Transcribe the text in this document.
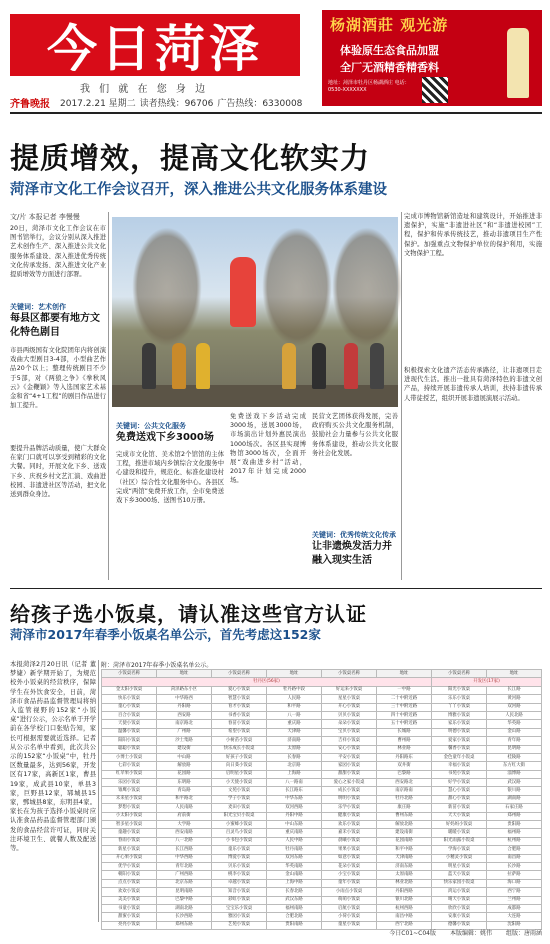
今日菏泽
我 们 就 在 您 身 边
齐鲁晚报 2017.2.21 星期二 读者热线：96706 广告热线：6330008
杨湖酒莊 观光游
体验原生态食品加盟
全厂无酒精香精香料
地址：菏泽市牡丹区杨湖酒庄 电话：0530-XXXXXXX
提质增效，提高文化软实力
菏泽市文化工作会议召开，深入推进公共文化服务体系建设
文/片 本报记者 李慢慢
20日，菏泽市文化工作会议在市图书馆举行，会议分别从深入推进艺术创作生产、深入推进公共文化服务体系建设、深入推进优秀传统文化传承发扬、深入推进文化产业提质增效等方面进行部署。
关键词：艺术创作
每县区都要有地方文化特色剧目
市县两级国有文化院团年内将创演戏曲大型剧目3-4部，小型曲艺作品20个以上；整理传统剧目不少于5部，对《两狼之争》《拳秋风云》《金鞭颖》等入选国家艺术基金和省“4+1工程”的剧目作品进行加工提升。
要提升品牌活动质量，使广大群众在家门口就可以享受到精彩的文化大餐。同时，开展文化下乡、送戏下乡、庆祝乡村文艺汇演、戏曲进校园、非遗进社区等活动，把文化送到群众身边。
关键词：公共文化服务
免费送戏下乡3000场
完成市文化馆、美术馆2个馆馆的主体工程，推进市域内乡镇综合文化服务中心建设和提升，规范化、标准化建设村（社区）综合性文化服务中心。各县区完成“两馆”免费开放工作，全市免费送戏下乡3000场、送图书10万册。
免费送戏下乡活动完成3000场，送展3000场，市场演出计划外惠民演出1000场次。各区县实现博物馆3000场次，全面开展“戏曲进乡村”活动，2017年计划完成2000场。
民营文艺团体获得发展，完善政府购买公共文化服务机制，鼓励社会力量参与公共文化服务体系建设，推动公共文化服务社会化发展。
关键词：优秀传统文化传承
让非遗焕发活力并融入现实生活
完成市博物馆新馆造址和建筑设计，开始推进非遗保护，实施“非遗进社区”和“非遗进校园”工程，保护和传承传统技艺，推动非遗项目生产性保护。加强重点文物保护单位的保护利用，实施文物保护工程。
积极探索文化遗产活态传承路径，让非遗项目走进现代生活。推出一批具有菏泽特色的非遗文创产品，持续开展非遗传承人培训，扶持非遗传承人带徒授艺，组织开展非遗展演展示活动。
给孩子选小饭桌，请认准这些官方认证
菏泽市2017年春季小饭桌名单公示，首先考虑这152家
本报菏泽2月20日讯（记者 董梦婕）新学期开始了，为规范校外小饭桌的经营秩序，保障学生在外饮食安全，日前，菏泽市食品药品监督管理局将纳入监管视野的152家“小饭桌”进行公示，公示名单于开学前在各学校门口张贴告知，家长可根据需要就近选择。记者从公示名单中看到，此次共公示的152家“小饭桌”中，牡丹区数量最多，达到56家，开发区有17家，高新区1家，曹县19家，成武县10家，单县3家，巨野县12家，郓城县15家，鄄城县8家，东明县4家。家长在为孩子选择小饭桌时应认准食品药品监督管理部门颁发的食品经营许可证，同时关注环境卫生、就餐人数及配送等。
附：菏泽市2017年春季小饭桌名单公示。
小饭桌名称	地址	小饭桌名称	地址	小饭桌名称	地址	小饭桌名称	地址
牡丹区(56家)						开发区(17家)	
金太阳小饭桌	菏泽路东小区	爱心小饭桌	牡丹路中段	好运来小饭桌	一中路	阳光小饭桌	长江路
快乐小饭桌	中华路西	智慧小饭桌	人民路	星星小饭桌	二十中附近路	乐乐小饭桌	黄河路
童心小饭桌	丹阳路	育才小饭桌	和平路	开心小饭桌	三十中附近路	丫丫小饭桌	双河路
百合小饭桌	西安路	书香小饭桌	八一路	贝贝小饭桌	四十中附近路	博雅小饭桌	人民北路
天使小饭桌	南京路北	春苗小饭桌	重庆路	朵朵小饭桌	五十中附近路	家乐小饭桌	华英路
温馨小饭桌	广州路	希望小饭桌	天津路	宝贝小饭桌	长城路	明德小饭桌	金山路
阳阳小饭桌	沙土集路	小树苗小饭桌	济南路	吉祥小饭桌	曹州路	爱家小饭桌	青年路
聪聪小饭桌	建设街	快乐成长小饭桌	太原路	安心小饭桌	林业路	馨香小饭桌	昆明路
小博士小饭桌	中山路	好孩子小饭桌	长春路	平安小饭桌	丹阳路东	金色童年小饭桌	桂陵路
七彩小饭桌	解放路	向日葵小饭桌	北京路	家园小饭桌	双井街	幸福小饭桌	东方红大街
红苹果小饭桌	花园路	启明星小饭桌	上海路	甜甜小饭桌	巴黎路	书苑小饭桌	淄博路
乐园小饭桌	东明路	小天使小饭桌	八一路南	爱心之家小饭桌	西安路北	好学小饭桌	武汉路
雏鹰小饭桌	青岛路	文苑小饭桌	长江路东	成长小饭桌	南京路南	慧心小饭桌	银川路
未来星小饭桌	和平路北	学子小饭桌	中华东路	明明小饭桌	牡丹北路	甜心小饭桌	湖南路
梦想小饭桌	人民南路	麦田小饭桌	双河西路	乐学小饭桌	康庄路	新苗小饭桌	石家庄路
小太阳小饭桌	府前街	阳光宝贝小饭桌	丹阳中路	健康小饭桌	曹州东路	天天小饭桌	郑州路
智多星小饭桌	大学路	小蜜蜂小饭桌	中山东路	欢乐小饭桌	解放北路	好妈妈小饭桌	贵阳路
童趣小饭桌	西安南路	百灵鸟小饭桌	重庆南路	嘉禾小饭桌	建设南街	暖暖小饭桌	福州路
春雨小饭桌	八一北路	小书包小饭桌	人民中路	晨曦小饭桌	花园南路	阳光雨露小饭桌	杭州路
新星小饭桌	长江西路	童乐小饭桌	牡丹南路	果果小饭桌	和平中路	学海小饭桌	合肥路
开心果小饭桌	中华西路	博爱小饭桌	双河东路	如意小饭桌	天津南路	小精灵小饭桌	南昌路
优学小饭桌	青年北路	贝乐小饭桌	华英南路	花朵小饭桌	济南东路	明星小饭桌	长沙路
朝阳小饭桌	广州西路	桃李小饭桌	金山南路	小宝小饭桌	太原南路	蓝天小饭桌	拉萨路
点点小饭桌	北京东路	卓越小饭桌	上海中路	童年小饭桌	林业北路	快乐家园小饭桌	海口路
欢欢小饭桌	昆明南路	知音小饭桌	长春北路	小雨点小饭桌	丹阳西路	鸿运小饭桌	西宁路
美美小饭桌	巴黎中路	彩虹小饭桌	武汉东路	萌萌小饭桌	银川北路	晴天小饭桌	兰州路
书童小饭桌	湖南北路	宝宝乐小饭桌	福州南路	启航小饭桌	杭州西路	欣欣小饭桌	成都路
甜蜜小饭桌	长沙西路	雅园小饭桌	合肥北路	小荷小饭桌	南昌中路	安康小饭桌	大连路
亮亮小饭桌	郑州东路	艺苑小饭桌	贵阳南路	童星小饭桌	西宁北路	德馨小饭桌	沈阳路
今日C01~C04版 本版编辑：姚伟 组版：唐雨涵
